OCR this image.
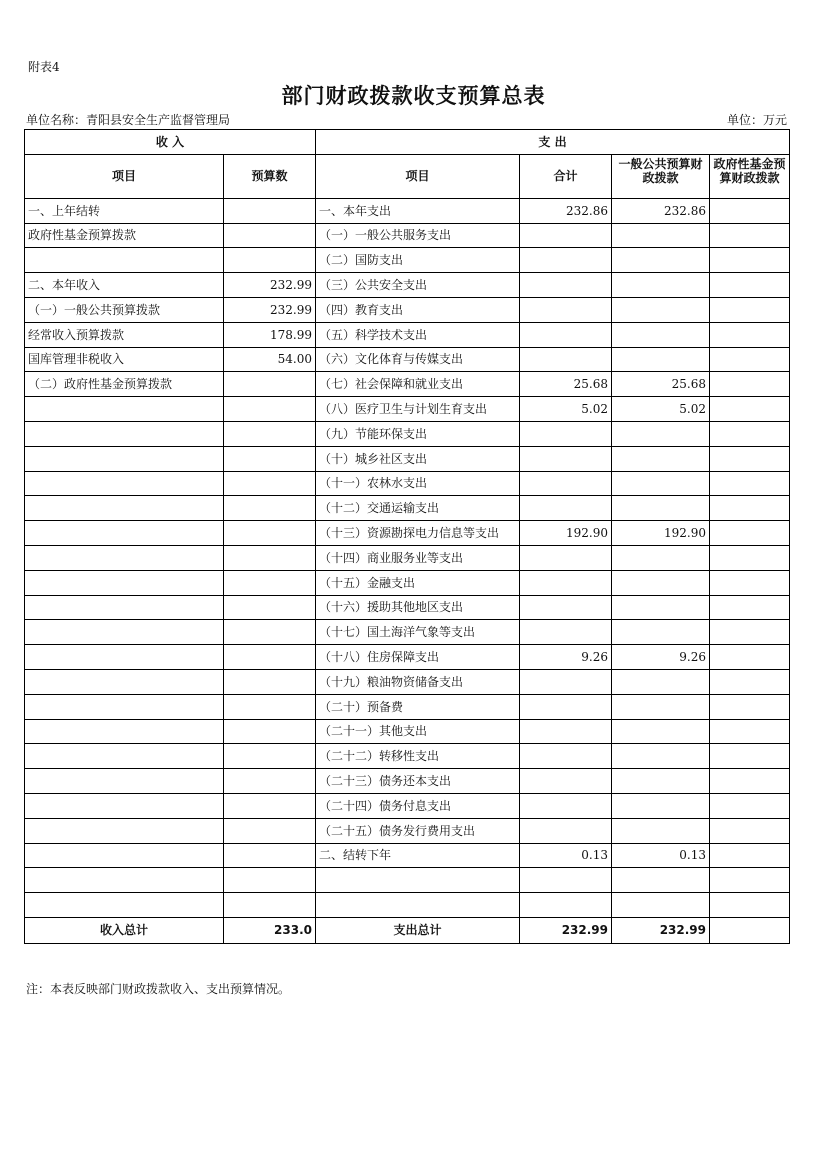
附表4
部门财政拨款收支预算总表
单位名称：青阳县安全生产监督管理局	单位：万元
收 入		支 出			
项目	预算数	项目	合计	一般公共预算财政拨款	政府性基金预算财政拨款
一、上年结转		一、本年支出	232.86	232.86	
政府性基金预算拨款		（一）一般公共服务支出			
		（二）国防支出			
二、本年收入	232.99	（三）公共安全支出			
（一）一般公共预算拨款	232.99	（四）教育支出			
经常收入预算拨款	178.99	（五）科学技术支出			
国库管理非税收入	54.00	（六）文化体育与传媒支出			
（二）政府性基金预算拨款		（七）社会保障和就业支出	25.68	25.68	
		（八）医疗卫生与计划生育支出	5.02	5.02	
		（九）节能环保支出			
		（十）城乡社区支出			
		（十一）农林水支出			
		（十二）交通运输支出			
		（十三）资源勘探电力信息等支出	192.90	192.90	
		（十四）商业服务业等支出			
		（十五）金融支出			
		（十六）援助其他地区支出			
		（十七）国土海洋气象等支出			
		（十八）住房保障支出	9.26	9.26	
		（十九）粮油物资储备支出			
		（二十）预备费			
		（二十一）其他支出			
		（二十二）转移性支出			
		（二十三）债务还本支出			
		（二十四）债务付息支出			
		（二十五）债务发行费用支出			
		二、结转下年	0.13	0.13	

收入总计	233.0	支出总计	232.99	232.99	
注：本表反映部门财政拨款收入、支出预算情况。
